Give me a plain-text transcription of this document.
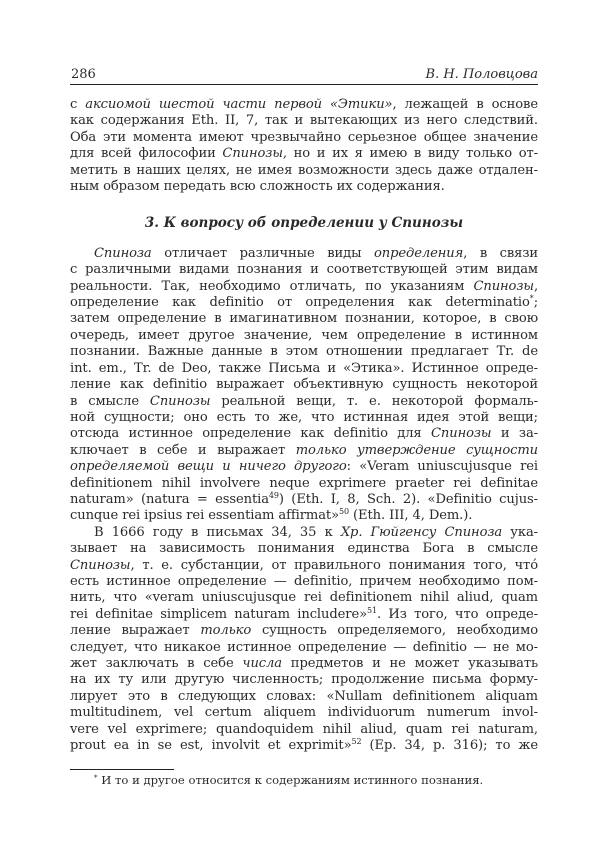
286	В. Н. Половцова

с аксиомой шестой части первой «Этики», лежащей в основе
как содержания Eth. II, 7, так и вытекающих из него следствий.
Оба эти момента имеют чрезвычайно серьезное общее значение
для всей философии Спинозы, но и их я имею в виду только от-
метить в наших целях, не имея возможности здесь даже отдален-
ным образом передать всю сложность их содержания.

3. К вопросу об определении у Спинозы

Спиноза отличает различные виды определения, в связи
с различными видами познания и соответствующей этим видам
реальности. Так, необходимо отличать, по указаниям Спинозы,
определение как definitio от определения как determinatio*;
затем определение в имагинативном познании, которое, в свою
очередь, имеет другое значение, чем определение в истинном
познании. Важные данные в этом отношении предлагает Tr. de
int. em., Tr. de Deo, также Письма и «Этика». Истинное опреде-
ление как definitio выражает объективную сущность некоторой
в смысле Спинозы реальной вещи, т. е. некоторой формаль-
ной сущности; оно есть то же, что истинная идея этой вещи;
отсюда истинное определение как definitio для Спинозы и за-
ключает в себе и выражает только утверждение сущности
определяемой вещи и ничего другого: «Veram uniuscujusque rei
definitionem nihil involvere neque exprimere praeter rei definitae
naturam» (natura = essentia$^{49}$) (Eth. I, 8, Sch. 2). «Definitio cujus-
cunque rei ipsius rei essentiam affirmat»$^{50}$ (Eth. III, 4, Dem.).

В 1666 году в письмах 34, 35 к Хр. Гюйгенсу Спиноза ука-
зывает на зависимость понимания единства Бога в смысле
Спинозы, т. е. субстанции, от правильного понимания того, что́
есть истинное определение — definitio, причем необходимо пом-
нить, что «veram uniuscujusque rei definitionem nihil aliud, quam
rei definitae simplicem naturam includere»$^{51}$. Из того, что опреде-
ление выражает только сущность определяемого, необходимо
следует, что никакое истинное определение — definitio — не мо-
жет заключать в себе числа предметов и не может указывать
на их ту или другую численность; продолжение письма форму-
лирует это в следующих словах: «Nullam definitionem aliquam
multitudinem, vel certum aliquem individuorum numerum invol-
vere vel exprimere; quandoquidem nihil aliud, quam rei naturam,
prout ea in se est, involvit et exprimit»$^{52}$ (Ep. 34, p. 316); то же

* И то и другое относится к содержаниям истинного познания.
